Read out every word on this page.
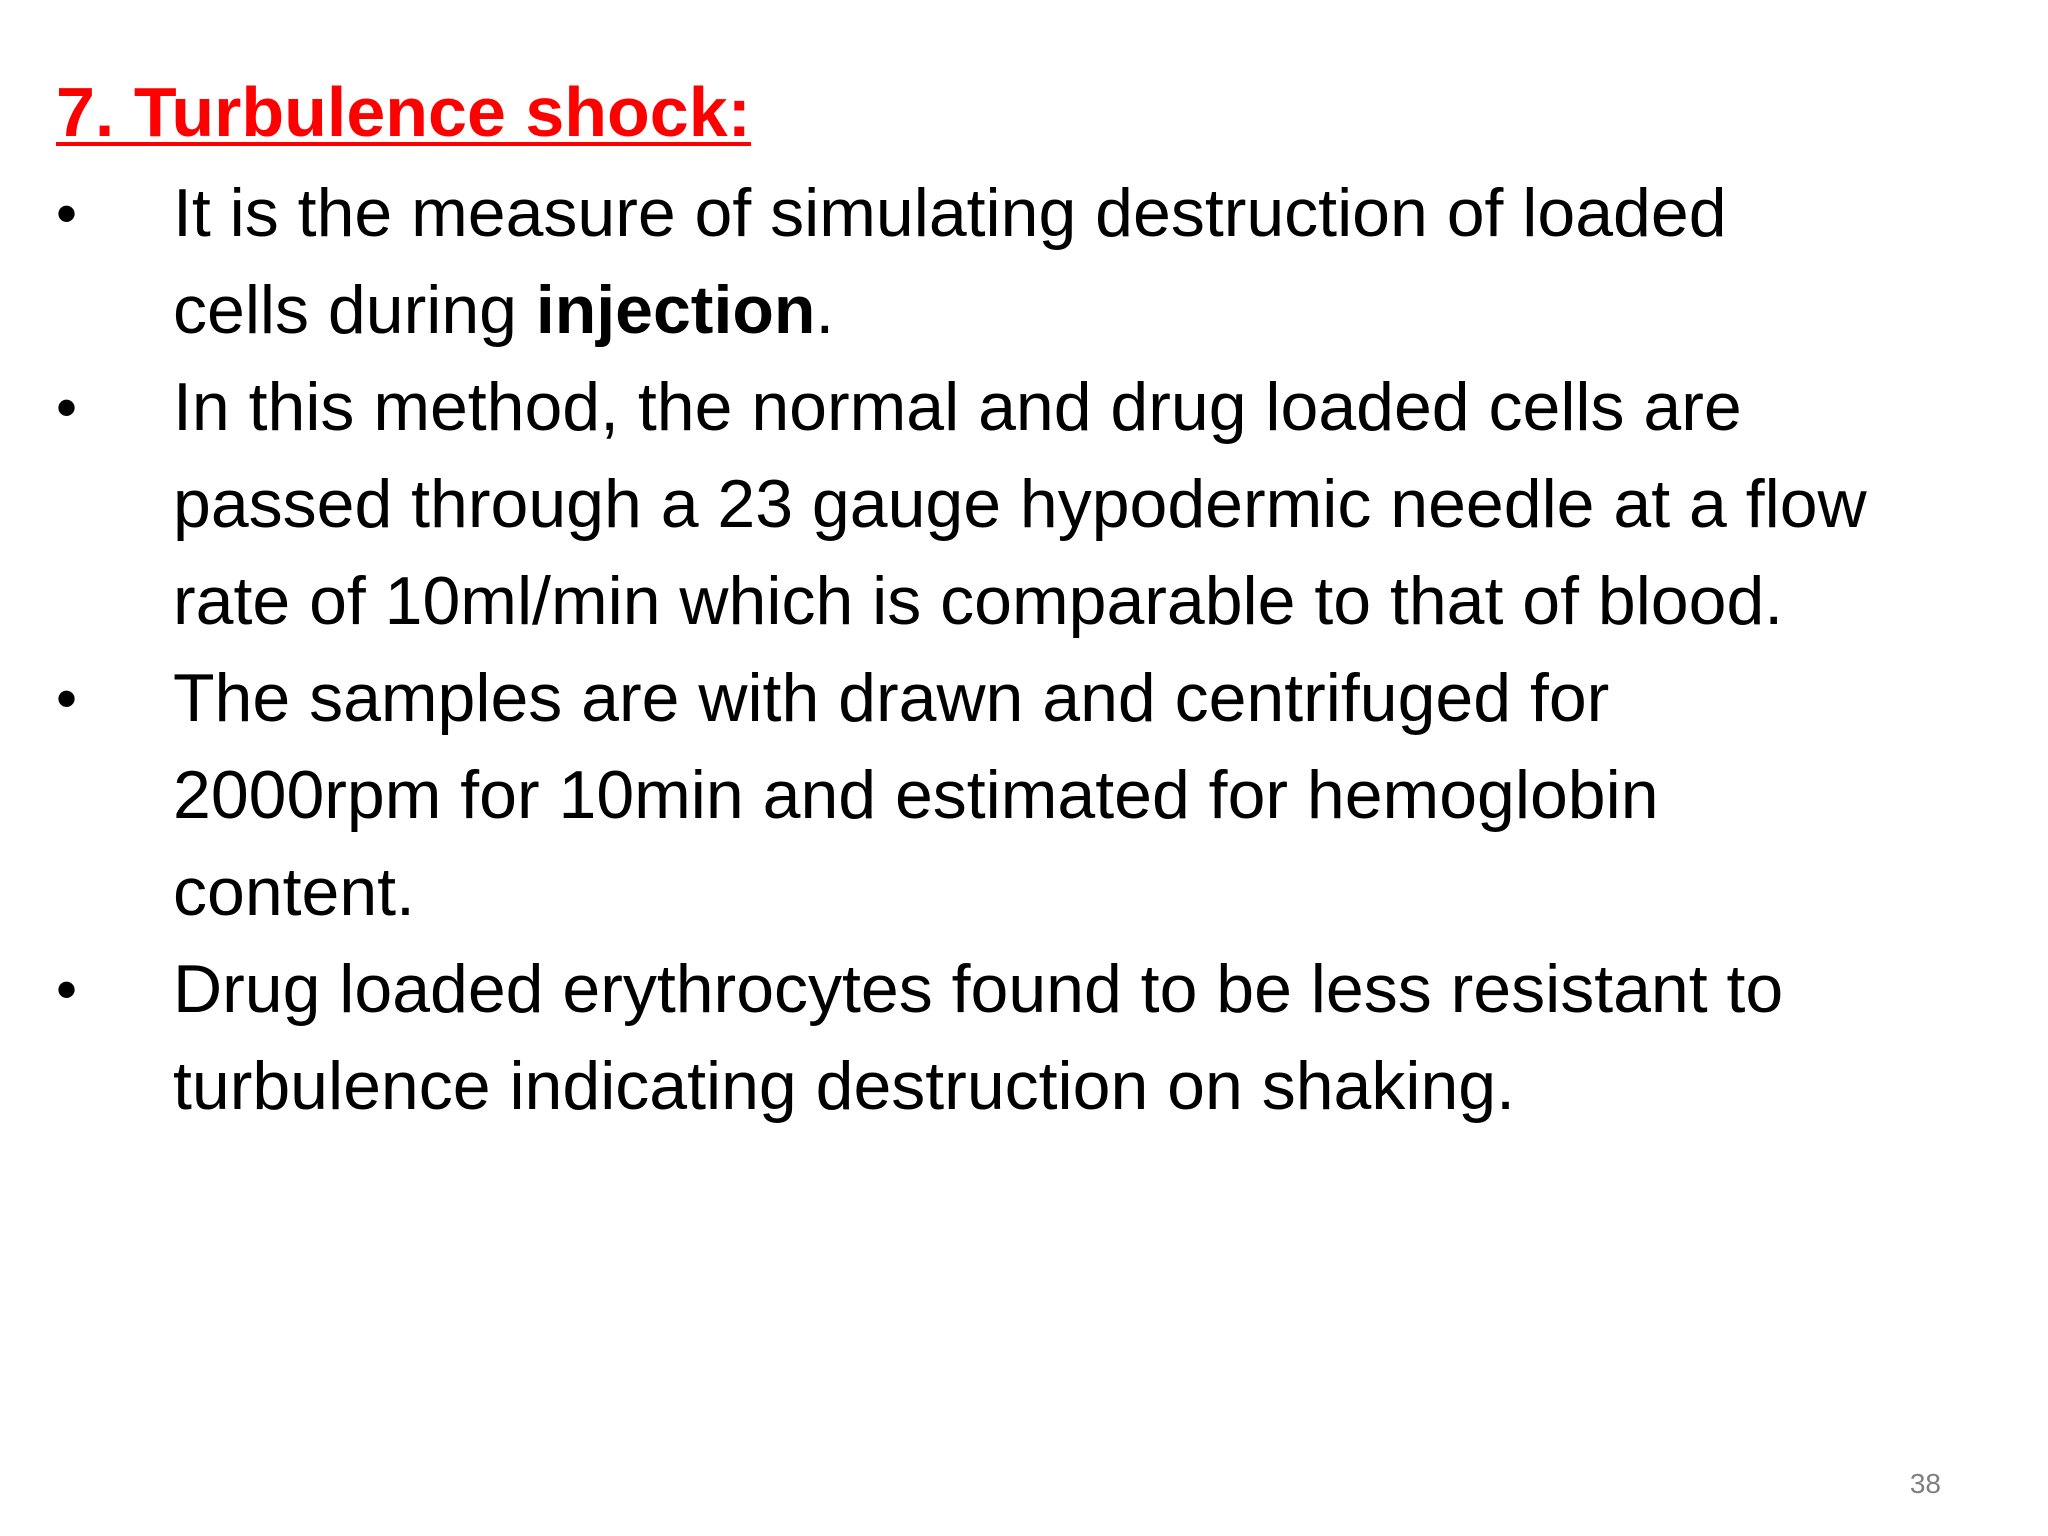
7. Turbulence shock:
• It is the measure of simulating destruction of loaded
cells during injection.
• In this method, the normal and drug loaded cells are
passed through a 23 gauge hypodermic needle at a flow
rate of 10ml/min which is comparable to that of blood.
• The samples are with drawn and centrifuged for
2000rpm for 10min and estimated for hemoglobin
content.
• Drug loaded erythrocytes found to be less resistant to
turbulence indicating destruction on shaking.
38
